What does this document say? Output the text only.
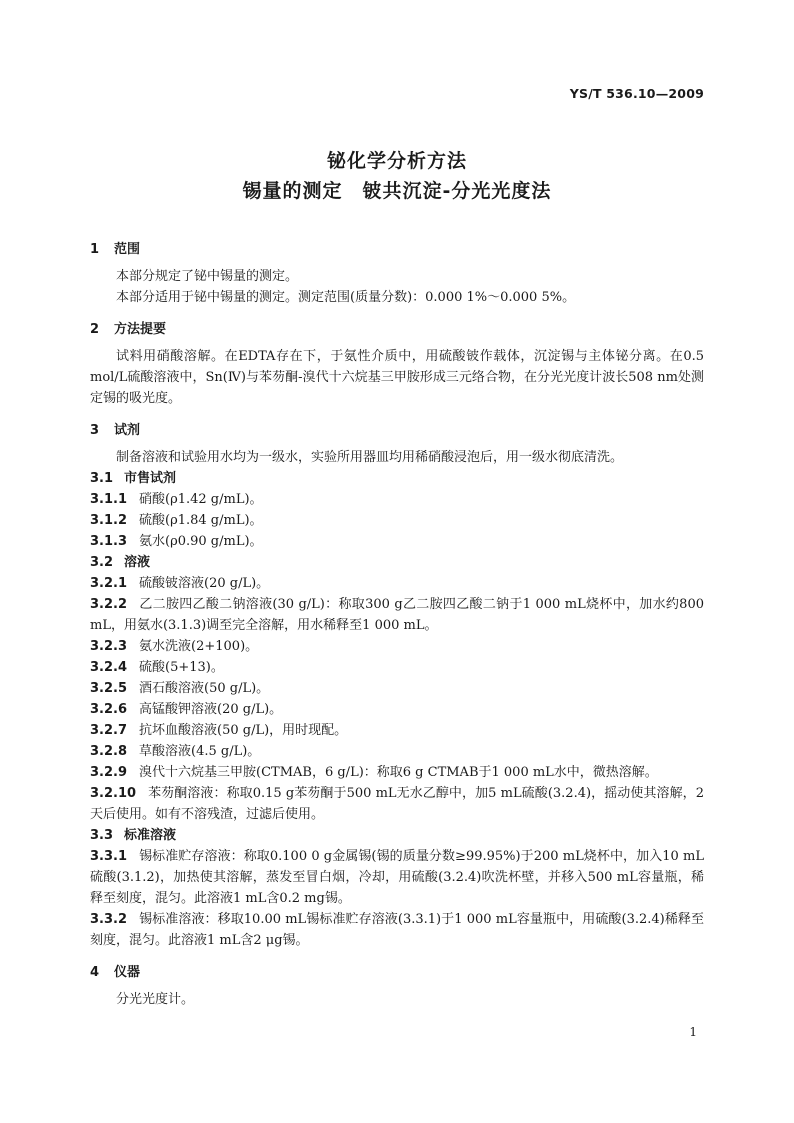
YS/T 536.10—2009
铋化学分析方法
锡量的测定　铍共沉淀-分光光度法
1 范围
本部分规定了铋中锡量的测定。
本部分适用于铋中锡量的测定。测定范围(质量分数)：0.000 1%～0.000 5%。
2 方法提要
试料用硝酸溶解。在EDTA存在下，于氨性介质中，用硫酸铍作载体，沉淀锡与主体铋分离。在0.5 mol/L硫酸溶液中，Sn(Ⅳ)与苯芴酮-溴代十六烷基三甲胺形成三元络合物，在分光光度计波长508 nm处测定锡的吸光度。
3 试剂
制备溶液和试验用水均为一级水，实验所用器皿均用稀硝酸浸泡后，用一级水彻底清洗。
3.1 市售试剂
3.1.1 硝酸(ρ1.42 g/mL)。
3.1.2 硫酸(ρ1.84 g/mL)。
3.1.3 氨水(ρ0.90 g/mL)。
3.2 溶液
3.2.1 硫酸铍溶液(20 g/L)。
3.2.2 乙二胺四乙酸二钠溶液(30 g/L)：称取300 g乙二胺四乙酸二钠于1 000 mL烧杯中，加水约800 mL，用氨水(3.1.3)调至完全溶解，用水稀释至1 000 mL。
3.2.3 氨水洗液(2+100)。
3.2.4 硫酸(5+13)。
3.2.5 酒石酸溶液(50 g/L)。
3.2.6 高锰酸钾溶液(20 g/L)。
3.2.7 抗坏血酸溶液(50 g/L)，用时现配。
3.2.8 草酸溶液(4.5 g/L)。
3.2.9 溴代十六烷基三甲胺(CTMAB，6 g/L)：称取6 g CTMAB于1 000 mL水中，微热溶解。
3.2.10 苯芴酮溶液：称取0.15 g苯芴酮于500 mL无水乙醇中，加5 mL硫酸(3.2.4)，摇动使其溶解，2天后使用。如有不溶残渣，过滤后使用。
3.3 标准溶液
3.3.1 锡标准贮存溶液：称取0.100 0 g金属锡(锡的质量分数≥99.95%)于200 mL烧杯中，加入10 mL硫酸(3.1.2)，加热使其溶解，蒸发至冒白烟，冷却，用硫酸(3.2.4)吹洗杯壁，并移入500 mL容量瓶，稀释至刻度，混匀。此溶液1 mL含0.2 mg锡。
3.3.2 锡标准溶液：移取10.00 mL锡标准贮存溶液(3.3.1)于1 000 mL容量瓶中，用硫酸(3.2.4)稀释至刻度，混匀。此溶液1 mL含2 μg锡。
4 仪器
分光光度计。
1
